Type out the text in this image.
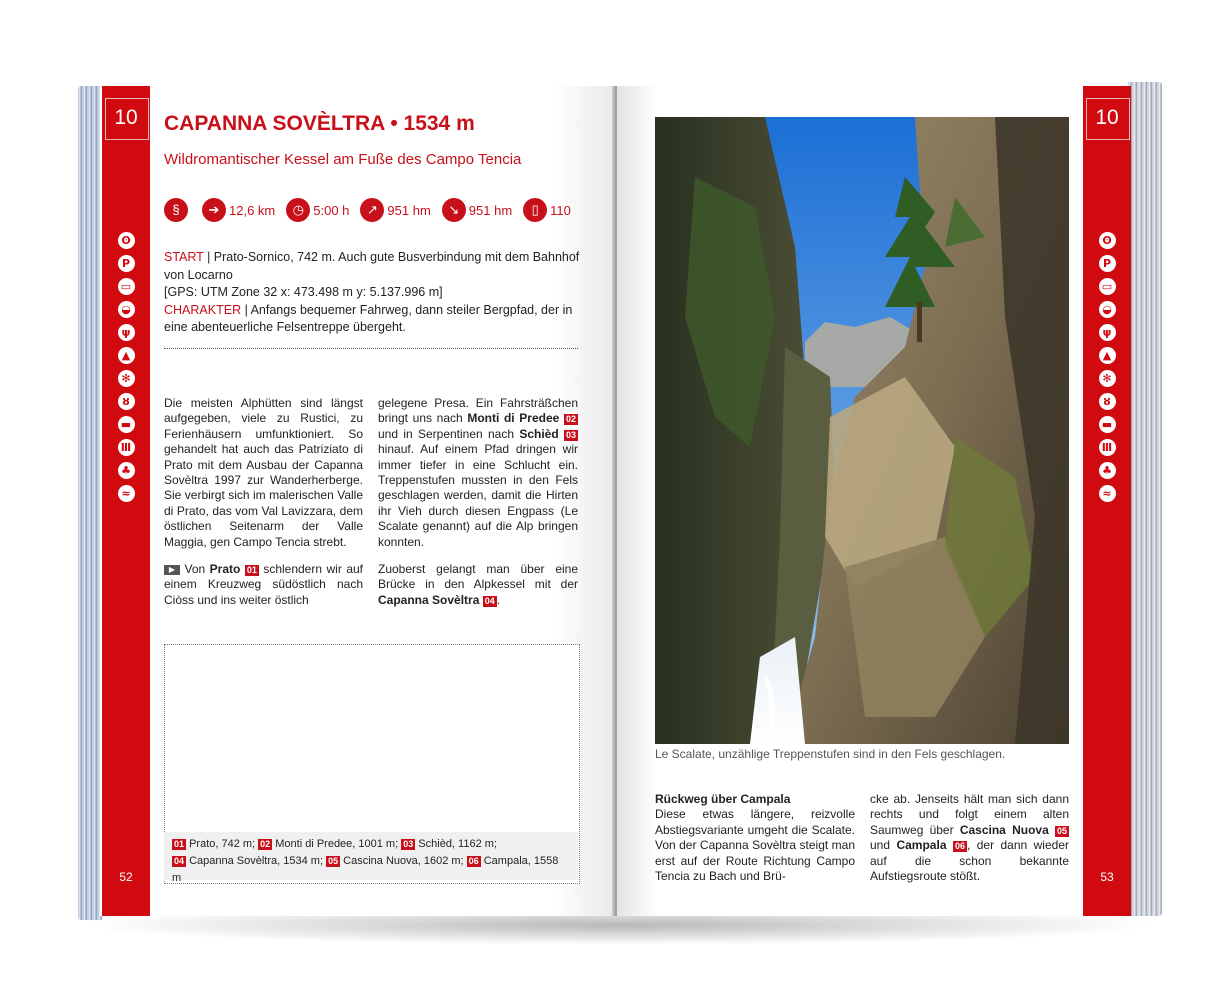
10
ʘ
P
▭
◒
ψ
▲
✻
ȣ
▬
Ⅲ
♣
≈
52
CAPANNA SOVÈLTRA • 1534 m
Wildromantischer Kessel am Fuße des Campo Tencia
§	➔ 12,6 km	◷ 5:00 h	↗ 951 hm	↘ 951 hm	▯ 110
START | Prato-Sornico, 742 m. Auch gute Busverbindung mit dem Bahnhof von Locarno
[GPS: UTM Zone 32 x: 473.498 m y: 5.137.996 m]
CHARAKTER | Anfangs bequemer Fahrweg, dann steiler Bergpfad, der in eine abenteuerliche Felsentreppe übergeht.

Die meisten Alphütten sind längst aufgegeben, viele zu Rustici, zu Ferienhäusern umfunktioniert. So gehandelt hat auch das Patriziato di Prato mit dem Ausbau der Capanna Sovèltra 1997 zur Wanderherberge. Sie verbirgt sich im malerischen Valle di Prato, das vom Val Lavizzara, dem östlichen Seitenarm der Valle Maggia, gen Campo Tencia strebt.

▶ Von Prato 01 schlendern wir auf einem Kreuzweg südöstlich nach Ciòss und ins weiter östlich

gelegene Presa. Ein Fahrsträßchen bringt uns nach Monti di Predee 02 und in Serpentinen nach Schièd 03 hinauf. Auf einem Pfad dringen wir immer tiefer in eine Schlucht ein. Treppenstufen mussten in den Fels geschlagen werden, damit die Hirten ihr Vieh durch diesen Engpass (Le Scalate genannt) auf die Alp bringen konnten.

Zuoberst gelangt man über eine Brücke in den Alpkessel mit der Capanna Sovèltra 04 .

01 Prato, 742 m; 02 Monti di Predee, 1001 m; 03 Schièd, 1162 m;
04 Capanna Sovèltra, 1534 m; 05 Cascina Nuova, 1602 m; 06 Campala, 1558 m
Le Scalate, unzählige Treppenstufen sind in den Fels geschlagen.
Rückweg über Campala
Diese etwas längere, reizvolle Abstiegsvariante umgeht die Scalate. Von der Capanna Sovèltra steigt man erst auf der Route Richtung Campo Tencia zu Bach und Brü-
cke ab. Jenseits hält man sich dann rechts und folgt einem alten Saumweg über Cascina Nuova 05 und Campala 06 , der dann wieder auf die schon bekannte Aufstiegsroute stößt.
10
ʘ
P
▭
◒
ψ
▲
✻
ȣ
▬
Ⅲ
♣
≈
53
